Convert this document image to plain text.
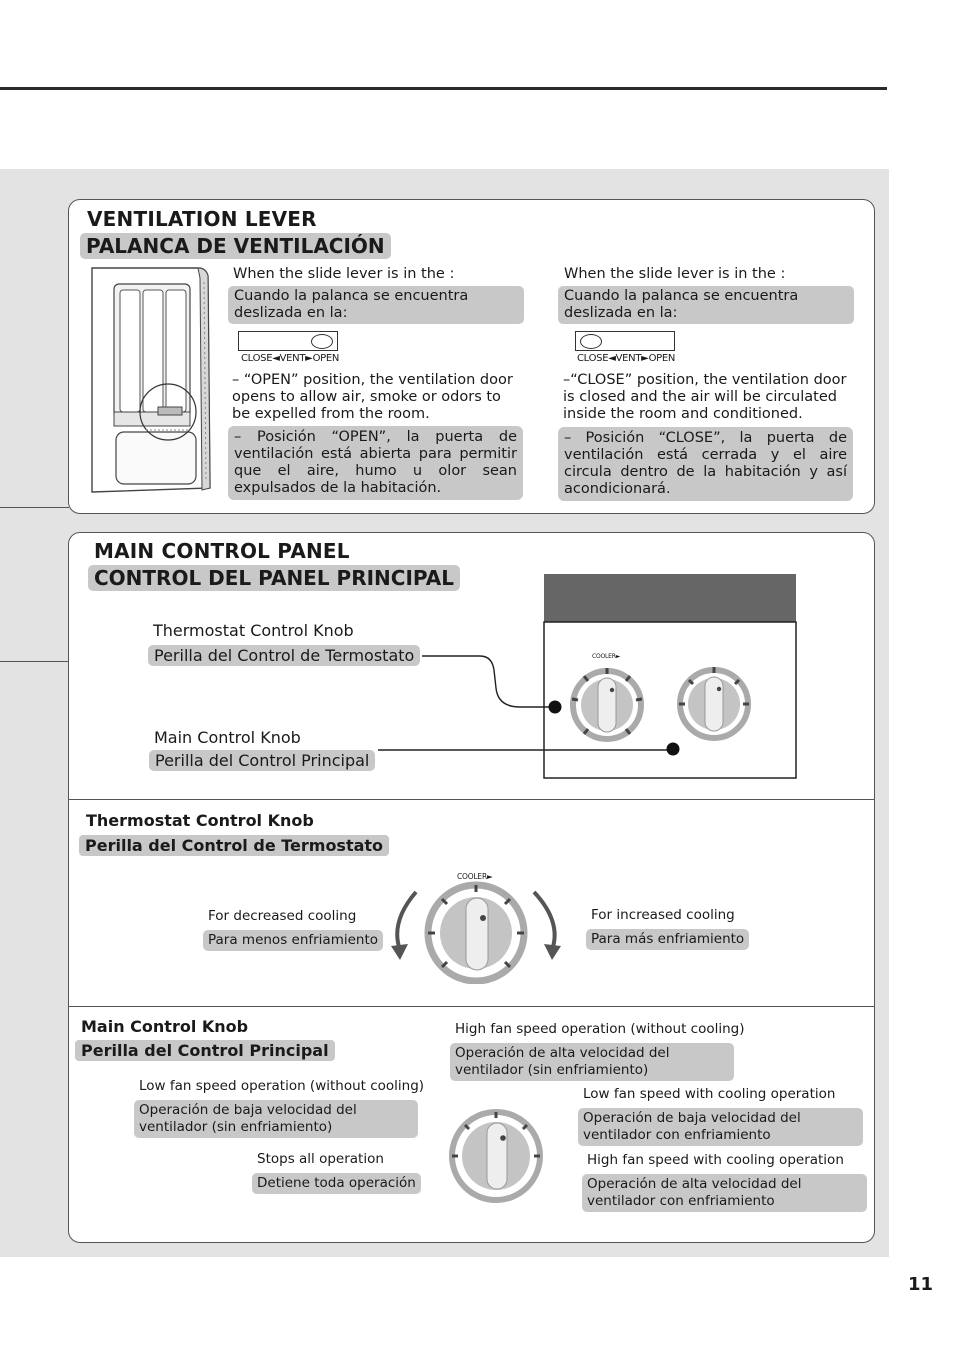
VENTILATION LEVER
PALANCA DE VENTILACIÓN
When the slide lever is in the :
Cuando la palanca se encuentra deslizada en la:
CLOSE◄VENT►OPEN
– “OPEN” position, the ventilation door opens to allow air, smoke or odors to be expelled from the room.
– Posición “OPEN”, la puerta de ventilación está abierta para permitir que el aire, humo u olor sean expulsados de la habitación.
When the slide lever is in the :
Cuando la palanca se encuentra deslizada en la:
CLOSE◄VENT►OPEN
–“CLOSE” position, the ventilation door is closed and the air will be circulated inside the room and conditioned.
– Posición “CLOSE”, la puerta de ventilación está cerrada y el aire circula dentro de la habitación y así acondicionará.
MAIN CONTROL PANEL
CONTROL DEL PANEL PRINCIPAL
Thermostat Control Knob
Perilla del Control de Termostato
Main Control Knob
Perilla del Control Principal
COOLER►
Thermostat Control Knob
Perilla del Control de Termostato
For decreased cooling
Para menos enfriamiento
For increased cooling
Para más enfriamiento
COOLER►
Main Control Knob
Perilla del Control Principal
Low fan speed operation (without cooling)
Operación de baja velocidad del ventilador (sin enfriamiento)
Stops all operation
Detiene toda operación
High fan speed operation (without cooling)
Operación de alta velocidad del ventilador (sin enfriamiento)
Low fan speed with cooling operation
Operación de baja velocidad del ventilador con enfriamiento
High fan speed with cooling operation
Operación de alta velocidad del ventilador con enfriamiento
11
